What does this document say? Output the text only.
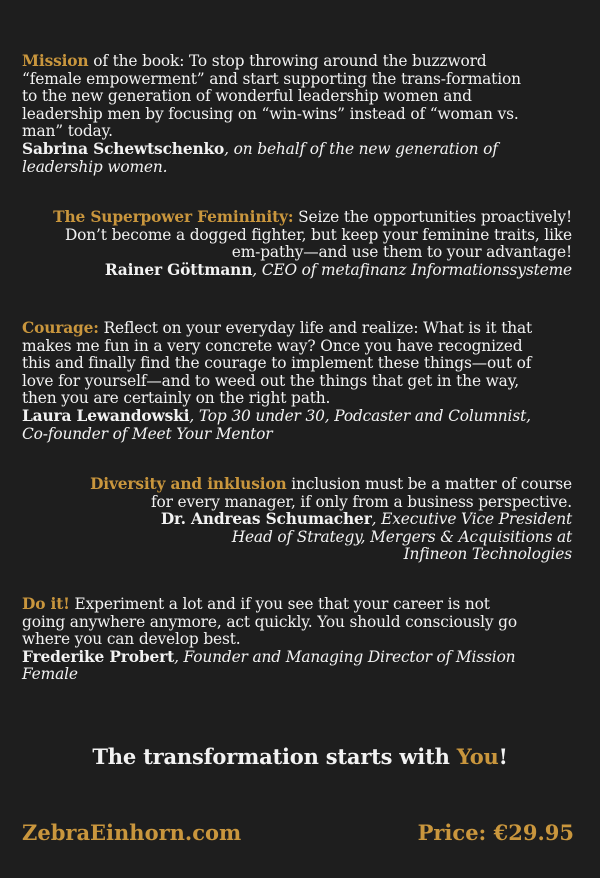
Mission of the book: To stop throwing around the buzzword
“female empowerment” and start supporting the trans-formation
to the new generation of wonderful leadership women and
leadership men by focusing on “win-wins” instead of “woman vs.
man” today.
Sabrina Schewtschenko, on behalf of the new generation of
leadership women.
The Superpower Femininity: Seize the opportunities proactively!
Don’t become a dogged fighter, but keep your feminine traits, like
em-pathy—and use them to your advantage!
Rainer Göttmann, CEO of metafinanz Informationssysteme
Courage: Reflect on your everyday life and realize: What is it that
makes me fun in a very concrete way? Once you have recognized
this and finally find the courage to implement these things—out of
love for yourself—and to weed out the things that get in the way,
then you are certainly on the right path.
Laura Lewandowski, Top 30 under 30, Podcaster and Columnist,
Co-founder of Meet Your Mentor
Diversity and inklusion inclusion must be a matter of course
for every manager, if only from a business perspective.
Dr. Andreas Schumacher, Executive Vice President
Head of Strategy, Mergers & Acquisitions at
Infineon Technologies
Do it! Experiment a lot and if you see that your career is not
going anywhere anymore, act quickly. You should consciously go
where you can develop best.
Frederike Probert, Founder and Managing Director of Mission
Female
The transformation starts with You!
ZebraEinhorn.com	Price: €29.95
